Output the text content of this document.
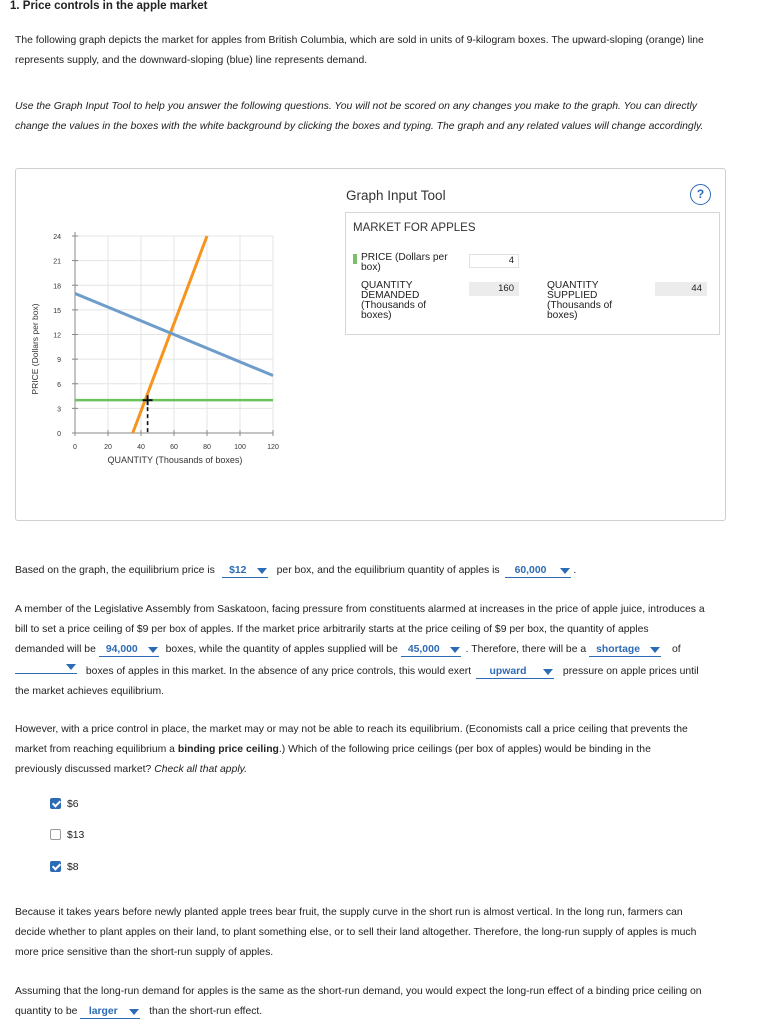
1. Price controls in the apple market
The following graph depicts the market for apples from British Columbia, which are sold in units of 9-kilogram boxes. The upward-sloping (orange) line
represents supply, and the downward-sloping (blue) line represents demand.
Use the Graph Input Tool to help you answer the following questions. You will not be scored on any changes you make to the graph. You can directly
change the values in the boxes with the white background by clicking the boxes and typing. The graph and any related values will change accordingly.
24
21
18
15
12
9
6
3
0
0	20	40	60	80	100	120
PRICE (Dollars per box)
QUANTITY (Thousands of boxes)
Graph Input Tool	?
MARKET FOR APPLES
PRICE (Dollars per box)
4
QUANTITY DEMANDED (Thousands of boxes)
160	QUANTITY SUPPLIED (Thousands of boxes)
44
Based on the graph, the equilibrium price is $12	per box, and the equilibrium quantity of apples is 60,000	.
A member of the Legislative Assembly from Saskatoon, facing pressure from constituents alarmed at increases in the price of apple juice, introduces a
bill to set a price ceiling of $9 per box of apples. If the market price arbitrarily starts at the price ceiling of $9 per box, the quantity of apples
demanded will be 94,000	boxes, while the quantity of apples supplied will be 45,000	. Therefore, there will be a shortage	of
boxes of apples in this market. In the absence of any price controls, this would exert upward	pressure on apple prices until
the market achieves equilibrium.
However, with a price control in place, the market may or may not be able to reach its equilibrium. (Economists call a price ceiling that prevents the
market from reaching equilibrium a binding price ceiling.) Which of the following price ceilings (per box of apples) would be binding in the
previously discussed market? Check all that apply.
$6
$13
$8
Because it takes years before newly planted apple trees bear fruit, the supply curve in the short run is almost vertical. In the long run, farmers can
decide whether to plant apples on their land, to plant something else, or to sell their land altogether. Therefore, the long-run supply of apples is much
more price sensitive than the short-run supply of apples.
Assuming that the long-run demand for apples is the same as the short-run demand, you would expect the long-run effect of a binding price ceiling on
quantity to be larger	than the short-run effect.
